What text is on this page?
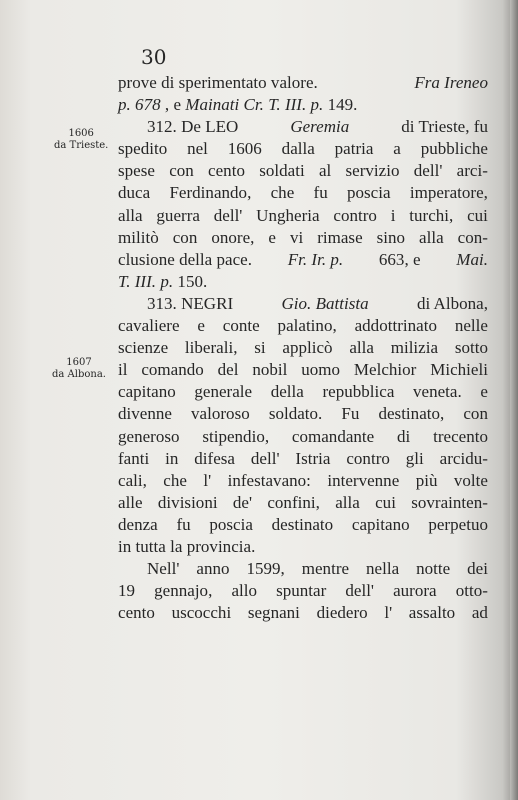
30
1606
da Trieste.
1607
da Albona.
prove di sperimentato valore.	Fra Ireneo
p. 678 , e Mainati Cr. T. III. p. 149.
312. De LEO	Geremia	di Trieste, fu
spedito nel 1606 dalla patria a pubbliche
spese con cento soldati al servizio dell' arci-
duca Ferdinando, che fu poscia imperatore,
alla guerra dell' Ungheria contro i turchi, cui
militò con onore, e vi rimase sino alla con-
clusione della pace. Fr. Ir. p. 663, e Mai.
T. III. p. 150.
313. NEGRI	Gio. Battista	di Albona,
cavaliere e conte palatino, addottrinato nelle
scienze liberali, si applicò alla milizia sotto
il comando del nobil uomo Melchior Michieli
capitano generale della repubblica veneta. e
divenne valoroso soldato. Fu destinato, con
generoso stipendio, comandante di trecento
fanti in difesa dell' Istria contro gli arcidu-
cali, che l' infestavano: intervenne più volte
alle divisioni de' confini, alla cui sovrainten-
denza fu poscia destinato capitano perpetuo
in tutta la provincia.
Nell' anno 1599, mentre nella notte dei
19 gennajo, allo spuntar dell' aurora otto-
cento uscocchi segnani diedero l' assalto ad
